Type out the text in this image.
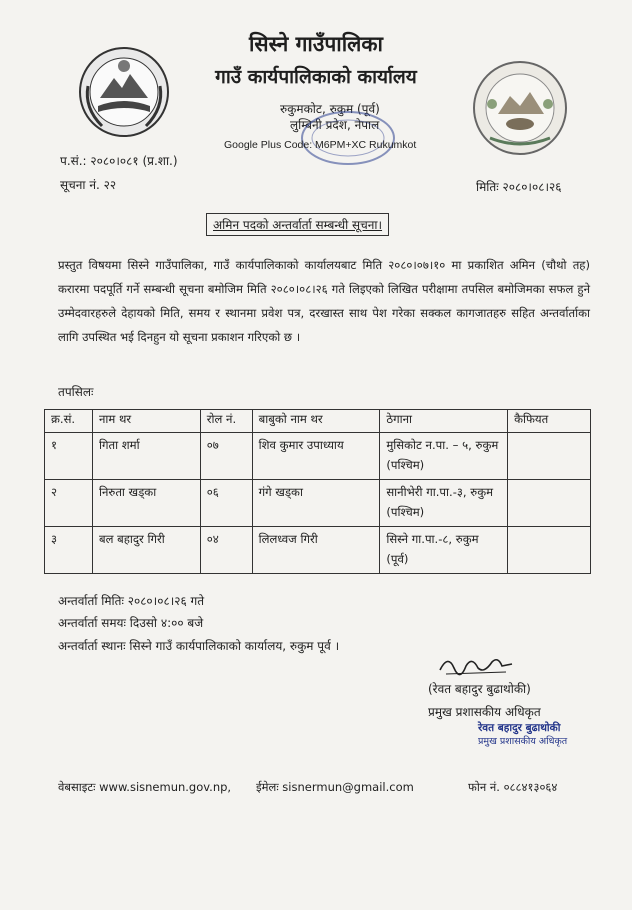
सिस्ने गाउँपालिका
गाउँ कार्यपालिकाको कार्यालय
रुकुमकोट, रुकुम (पूर्व)
लुम्बिनी प्रदेश, नेपाल
Google Plus Code: M6PM+XC Rukumkot
प.सं.: २०८०।०८१ (प्र.शा.)
सूचना नं. २२	मितिः २०८०।०८।२६
अमिन पदको अन्तर्वार्ता सम्बन्धी सूचना।
प्रस्तुत विषयमा सिस्ने गाउँपालिका, गाउँ कार्यपालिकाको कार्यालयबाट मिति २०८०।०७।१० मा प्रकाशित अमिन (चौथो तह) करारमा पदपूर्ति गर्ने सम्बन्धी सूचना बमोजिम मिति २०८०।०८।२६ गते लिइएको लिखित परीक्षामा तपसिल बमोजिमका सफल हुने उम्मेदवारहरुले देहायको मिति, समय र स्थानमा प्रवेश पत्र, दरखास्त साथ पेश गरेका सक्कल कागजातहरु सहित अन्तर्वार्ताका लागि उपस्थित भई दिनहुन यो सूचना प्रकाशन गरिएको छ ।
तपसिलः
क्र.सं.	नाम थर	रोल नं.	बाबुको नाम थर	ठेगाना	कैफियत
१	गिता शर्मा	०७	शिव कुमार उपाध्याय	मुसिकोट न.पा. – ५, रुकुम (पश्चिम)	
२	निरुता खड्का	०६	गंगे खड्का	सानीभेरी गा.पा.-३, रुकुम (पश्चिम)	
३	बल बहादुर गिरी	०४	लिलध्वज गिरी	सिस्ने गा.पा.-८, रुकुम (पूर्व)	
अन्तर्वार्ता मितिः २०८०।०८।२६ गते
अन्तर्वार्ता समयः दिउसो ४:०० बजे
अन्तर्वार्ता स्थानः सिस्ने गाउँ कार्यपालिकाको कार्यालय, रुकुम पूर्व ।
(रेवत बहादुर बुढाथोकी)
प्रमुख प्रशासकीय अधिकृत
रेवत बहादुर बुढाथोकी
प्रमुख प्रशासकीय अधिकृत
वेबसाइटः www.sisnemun.gov.np, ईमेलः sisnermun@gmail.com	फोन नं. ०८८४१३०६४
